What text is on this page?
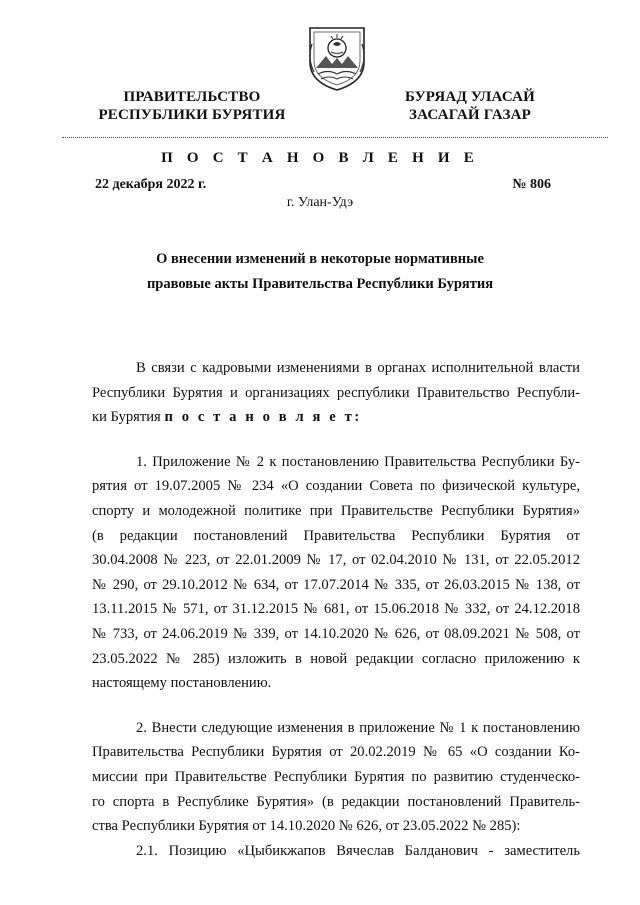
ПРАВИТЕЛЬСТВО
РЕСПУБЛИКИ БУРЯТИЯ
БУРЯАД УЛАСАЙ
ЗАСАГАЙ ГАЗАР
П О С Т А Н О В Л Е Н И Е
22 декабря 2022 г.	№ 806
г. Улан-Удэ
О внесении изменений в некоторые нормативные
правовые акты Правительства Республики Бурятия
В связи с кадровыми изменениями в органах исполнительной власти
Республики Бурятия и организациях республики Правительство Республи-
ки Бурятия п о с т а н о в л я е т:
1. Приложение № 2 к постановлению Правительства Республики Бу-
рятия от 19.07.2005 № 234 «О создании Совета по физической культуре,
спорту и молодежной политике при Правительстве Республики Бурятия»
(в редакции постановлений Правительства Республики Бурятия от
30.04.2008 № 223, от 22.01.2009 № 17, от 02.04.2010 № 131, от 22.05.2012
№ 290, от 29.10.2012 № 634, от 17.07.2014 № 335, от 26.03.2015 № 138, от
13.11.2015 № 571, от 31.12.2015 № 681, от 15.06.2018 № 332, от 24.12.2018
№ 733, от 24.06.2019 № 339, от 14.10.2020 № 626, от 08.09.2021 № 508, от
23.05.2022 № 285) изложить в новой редакции согласно приложению к
настоящему постановлению.
2. Внести следующие изменения в приложение № 1 к постановлению
Правительства Республики Бурятия от 20.02.2019 № 65 «О создании Ко-
миссии при Правительстве Республики Бурятия по развитию студенческо-
го спорта в Республике Бурятия» (в редакции постановлений Правитель-
ства Республики Бурятия от 14.10.2020 № 626, от 23.05.2022 № 285):
2.1. Позицию «Цыбикжапов Вячеслав Балданович - заместитель
